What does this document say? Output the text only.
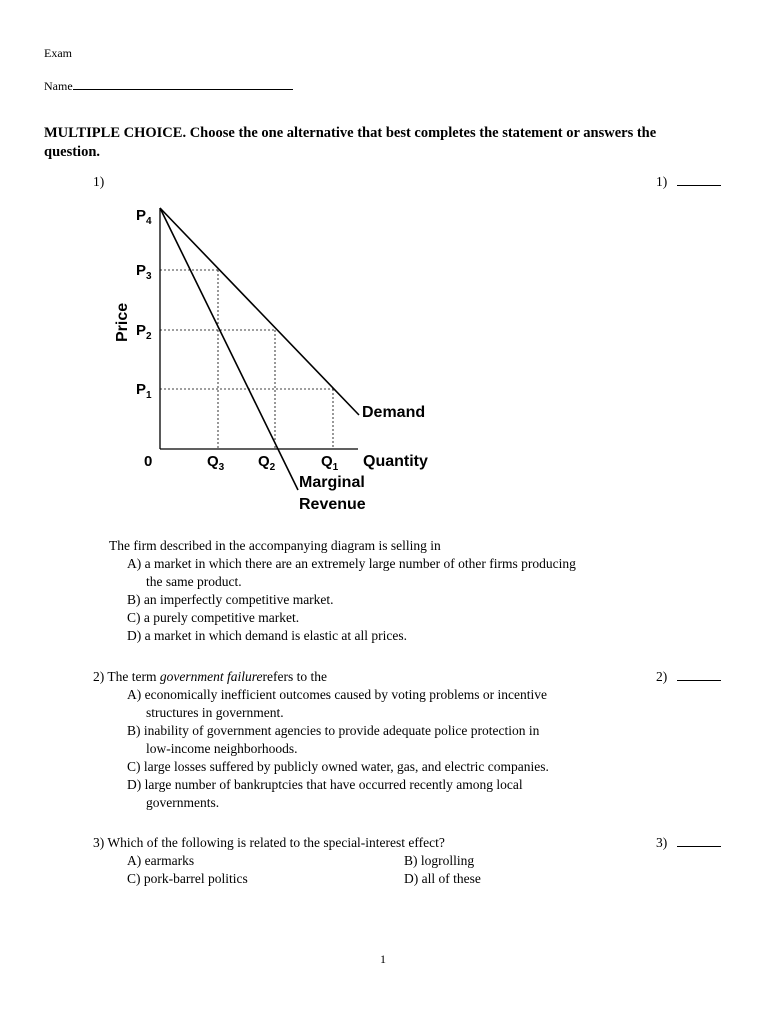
Exam
Name
MULTIPLE CHOICE. Choose the one alternative that best completes the statement or answers the question.
1)	1)
Price
$P_4$
$P_3$
$P_2$
$P_1$
0	$Q_3$ $Q_2$	$Q_1$ Quantity
Demand
Marginal
Revenue
The firm described in the accompanying diagram is selling in
A) a market in which there are an extremely large number of other firms producing
the same product.
B) an imperfectly competitive market.
C) a purely competitive market.
D) a market in which demand is elastic at all prices.
2) The term government failurerefers to the	2)
A) economically inefficient outcomes caused by voting problems or incentive
structures in government.
B) inability of government agencies to provide adequate police protection in
low-income neighborhoods.
C) large losses suffered by publicly owned water, gas, and electric companies.
D) large number of bankruptcies that have occurred recently among local
governments.
3) Which of the following is related to the special-interest effect?	3)
A) earmarks	B) logrolling
C) pork-barrel politics	D) all of these
1
